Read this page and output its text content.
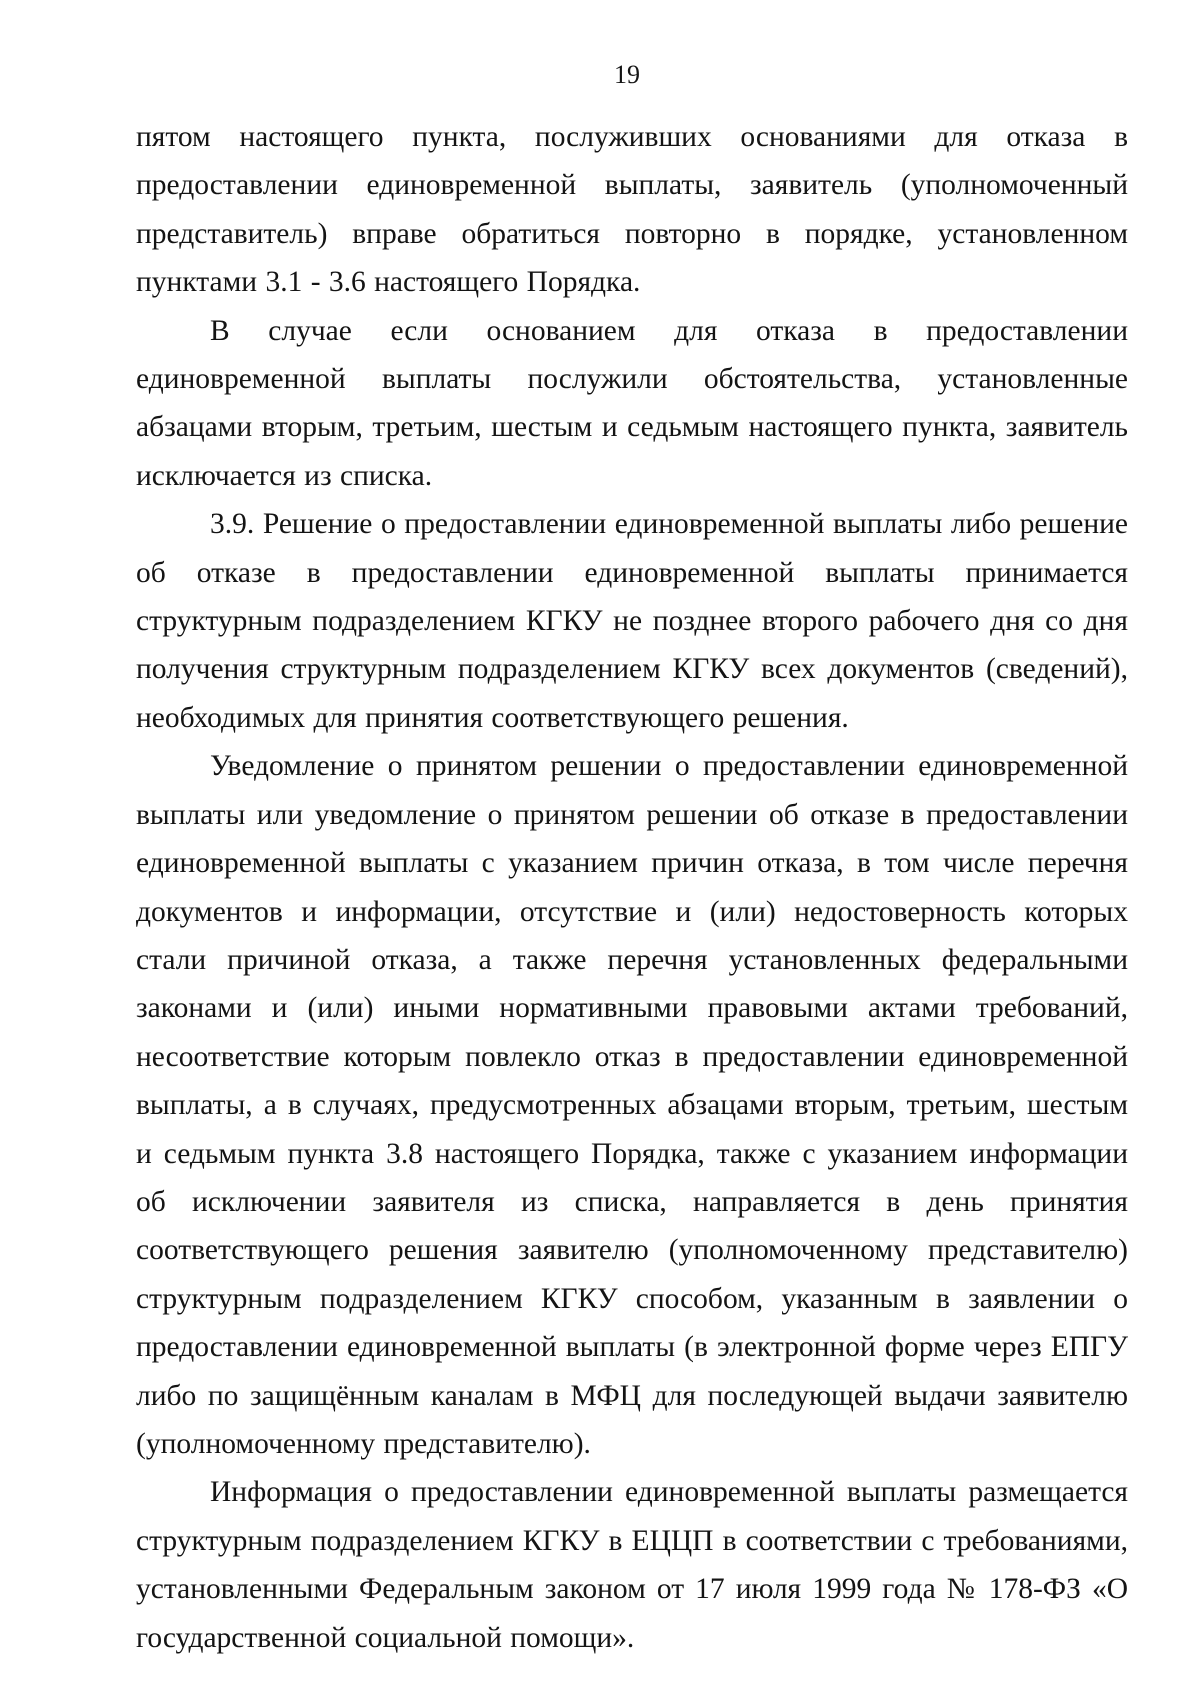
19

пятом настоящего пункта, послуживших основаниями для отказа в предоставлении единовременной выплаты, заявитель (уполномоченный представитель) вправе обратиться повторно в порядке, установленном пунктами 3.1 - 3.6 настоящего Порядка.

В случае если основанием для отказа в предоставлении единовременной выплаты послужили обстоятельства, установленные абзацами вторым, третьим, шестым и седьмым настоящего пункта, заявитель исключается из списка.

3.9. Решение о предоставлении единовременной выплаты либо решение об отказе в предоставлении единовременной выплаты принимается структурным подразделением КГКУ не позднее второго рабочего дня со дня получения структурным подразделением КГКУ всех документов (сведений), необходимых для принятия соответствующего решения.

Уведомление о принятом решении о предоставлении единовременной выплаты или уведомление о принятом решении об отказе в предоставлении единовременной выплаты с указанием причин отказа, в том числе перечня документов и информации, отсутствие и (или) недостоверность которых стали причиной отказа, а также перечня установленных федеральными законами и (или) иными нормативными правовыми актами требований, несоответствие которым повлекло отказ в предоставлении единовременной выплаты, а в случаях, предусмотренных абзацами вторым, третьим, шестым и седьмым пункта 3.8 настоящего Порядка, также с указанием информации об исключении заявителя из списка, направляется в день принятия соответствующего решения заявителю (уполномоченному представителю) структурным подразделением КГКУ способом, указанным в заявлении о предоставлении единовременной выплаты (в электронной форме через ЕПГУ либо по защищённым каналам в МФЦ для последующей выдачи заявителю (уполномоченному представителю).

Информация о предоставлении единовременной выплаты размещается структурным подразделением КГКУ в ЕЦЦП в соответствии с требованиями, установленными Федеральным законом от 17 июля 1999 года № 178-ФЗ «О государственной социальной помощи».
